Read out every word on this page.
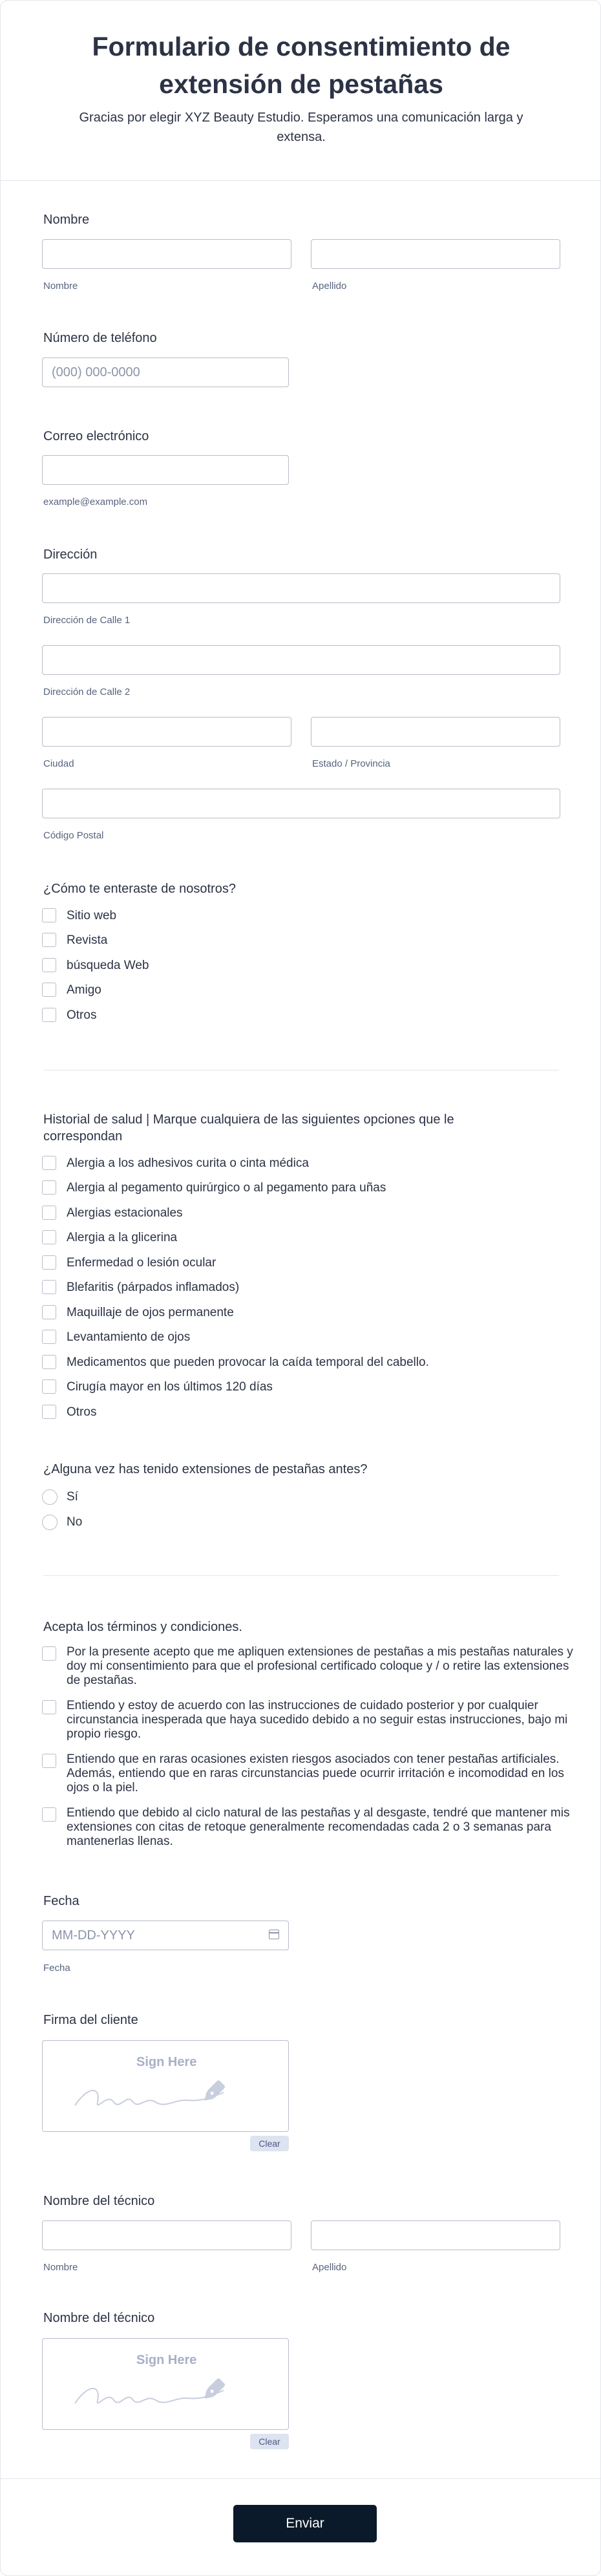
Formulario de consentimiento de extensión de pestañas
Gracias por elegir XYZ Beauty Estudio. Esperamos una comunicación larga y extensa.
Nombre
Nombre	Apellido
Número de teléfono
(000) 000-0000
Correo electrónico
example@example.com
Dirección
Dirección de Calle 1
Dirección de Calle 2
Ciudad	Estado / Provincia
Código Postal
¿Cómo te enteraste de nosotros?
Sitio web
Revista
búsqueda Web
Amigo
Otros
Historial de salud | Marque cualquiera de las siguientes opciones que le correspondan
Alergia a los adhesivos curita o cinta médica
Alergia al pegamento quirúrgico o al pegamento para uñas
Alergias estacionales
Alergia a la glicerina
Enfermedad o lesión ocular
Blefaritis (párpados inflamados)
Maquillaje de ojos permanente
Levantamiento de ojos
Medicamentos que pueden provocar la caída temporal del cabello.
Cirugía mayor en los últimos 120 días
Otros
¿Alguna vez has tenido extensiones de pestañas antes?
Sí
No
Acepta los términos y condiciones.
Por la presente acepto que me apliquen extensiones de pestañas a mis pestañas naturales y doy mi consentimiento para que el profesional certificado coloque y / o retire las extensiones de pestañas.
Entiendo y estoy de acuerdo con las instrucciones de cuidado posterior y por cualquier circunstancia inesperada que haya sucedido debido a no seguir estas instrucciones, bajo mi propio riesgo.
Entiendo que en raras ocasiones existen riesgos asociados con tener pestañas artificiales. Además, entiendo que en raras circunstancias puede ocurrir irritación e incomodidad en los ojos o la piel.
Entiendo que debido al ciclo natural de las pestañas y al desgaste, tendré que mantener mis extensiones con citas de retoque generalmente recomendadas cada 2 o 3 semanas para mantenerlas llenas.
Fecha
MM-DD-YYYY
Fecha
Firma del cliente
Sign Here
Clear
Nombre del técnico
Nombre	Apellido
Nombre del técnico
Sign Here
Clear
Enviar
